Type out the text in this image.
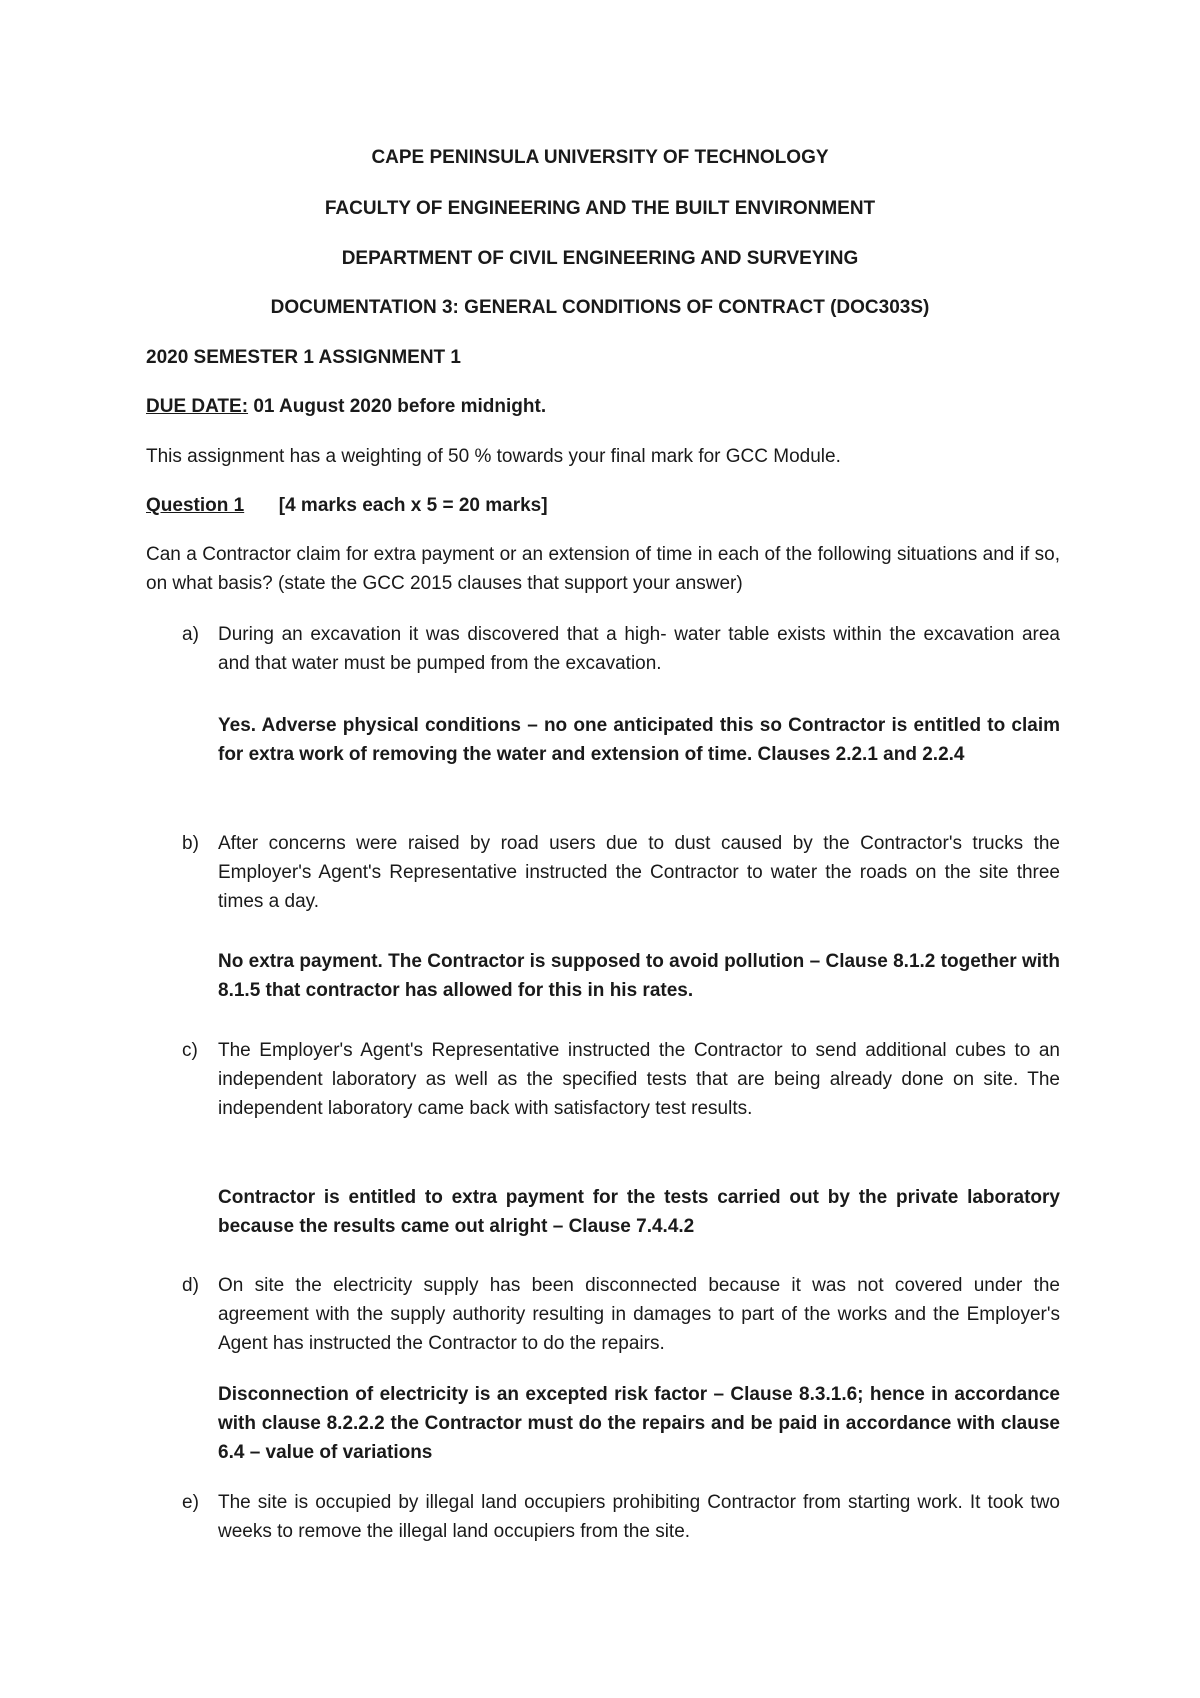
CAPE PENINSULA UNIVERSITY OF TECHNOLOGY
FACULTY OF ENGINEERING AND THE BUILT ENVIRONMENT
DEPARTMENT OF CIVIL ENGINEERING AND SURVEYING
DOCUMENTATION 3: GENERAL CONDITIONS OF CONTRACT (DOC303S)
2020 SEMESTER 1 ASSIGNMENT 1
DUE DATE: 01 August 2020 before midnight.
This assignment has a weighting of 50 % towards your final mark for GCC Module.
Question 1 [4 marks each x 5 = 20 marks]
Can a Contractor claim for extra payment or an extension of time in each of the following situations and if so, on what basis? (state the GCC 2015 clauses that support your answer)
a)	During an excavation it was discovered that a high- water table exists within the excavation area and that water must be pumped from the excavation.
Yes. Adverse physical conditions – no one anticipated this so Contractor is entitled to claim for extra work of removing the water and extension of time. Clauses 2.2.1 and 2.2.4
b)	After concerns were raised by road users due to dust caused by the Contractor's trucks the Employer's Agent's Representative instructed the Contractor to water the roads on the site three times a day.
No extra payment. The Contractor is supposed to avoid pollution – Clause 8.1.2 together with 8.1.5 that contractor has allowed for this in his rates.
c)	The Employer's Agent's Representative instructed the Contractor to send additional cubes to an independent laboratory as well as the specified tests that are being already done on site. The independent laboratory came back with satisfactory test results.
Contractor is entitled to extra payment for the tests carried out by the private laboratory because the results came out alright – Clause 7.4.4.2
d)	On site the electricity supply has been disconnected because it was not covered under the agreement with the supply authority resulting in damages to part of the works and the Employer's Agent has instructed the Contractor to do the repairs.
Disconnection of electricity is an excepted risk factor – Clause 8.3.1.6; hence in accordance with clause 8.2.2.2 the Contractor must do the repairs and be paid in accordance with clause 6.4 – value of variations
e)	The site is occupied by illegal land occupiers prohibiting Contractor from starting work. It took two weeks to remove the illegal land occupiers from the site.
